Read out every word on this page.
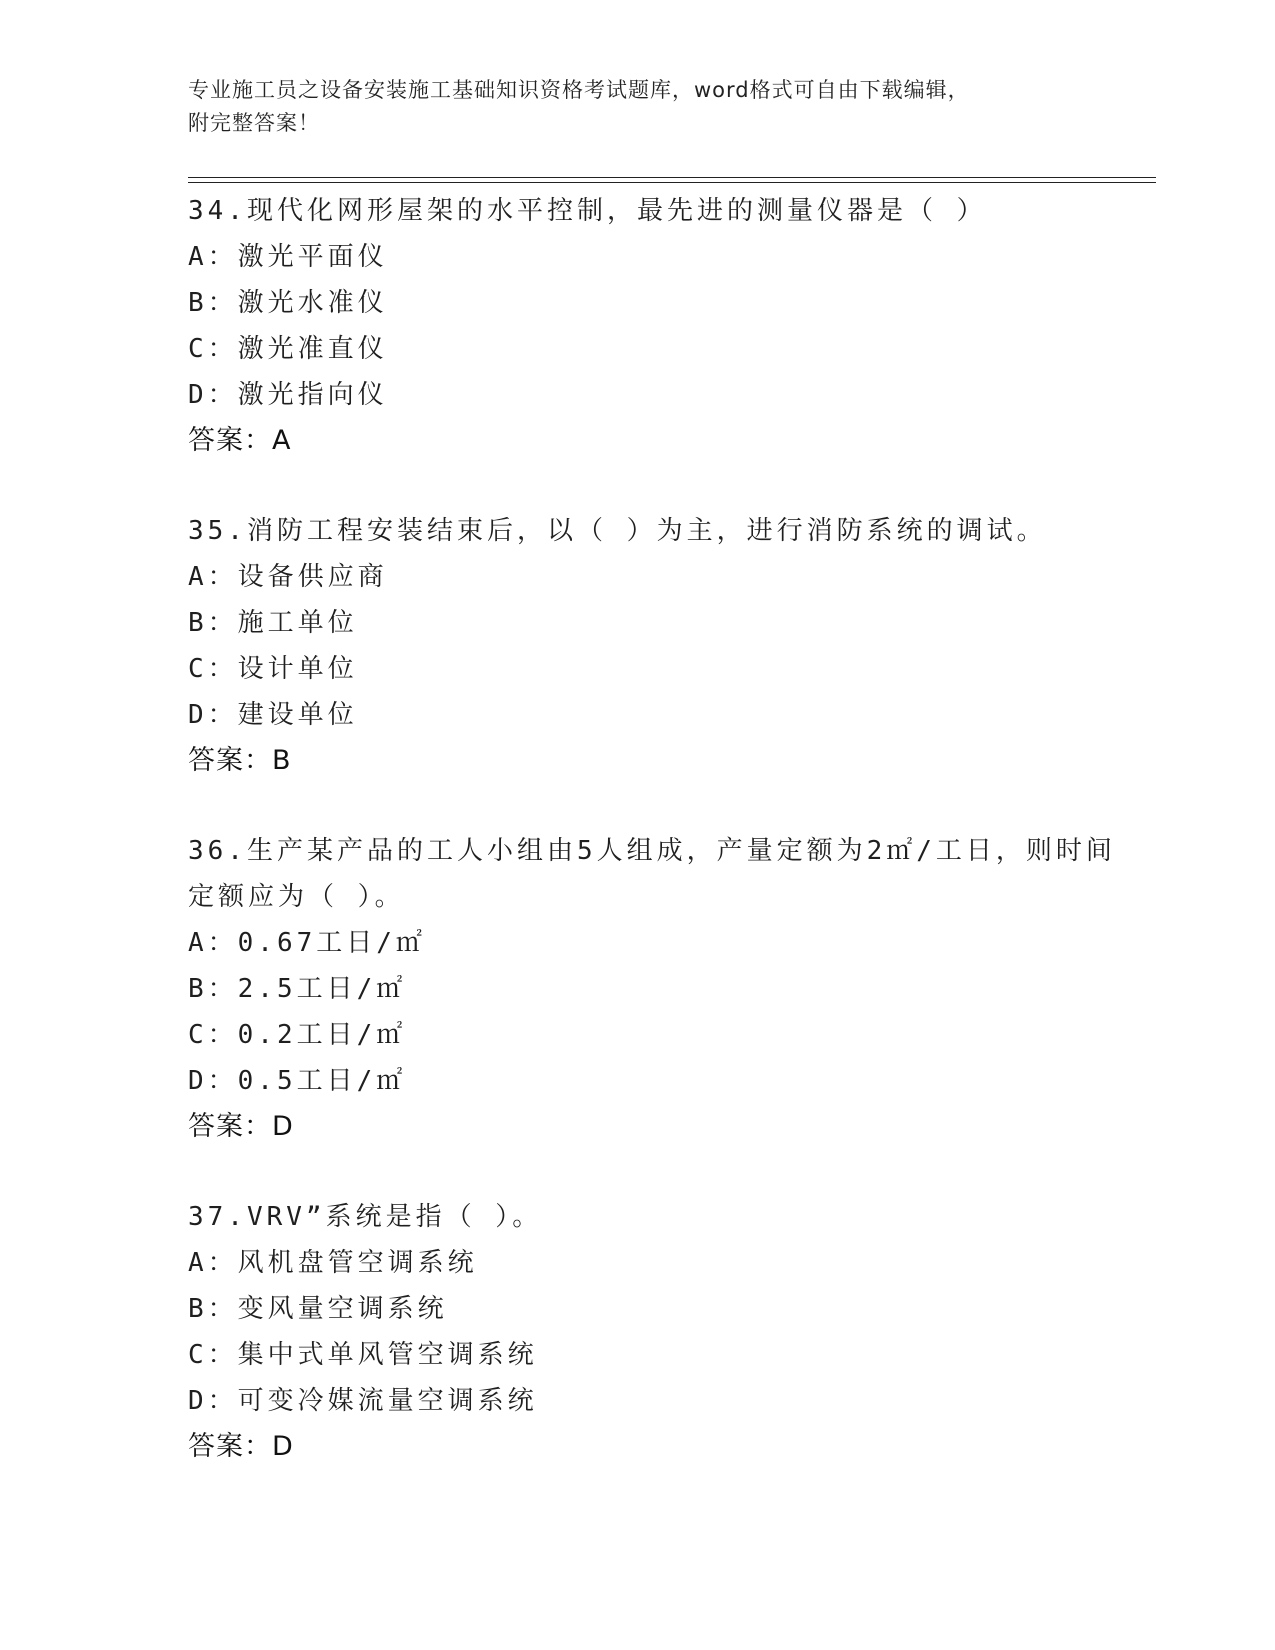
专业施工员之设备安装施工基础知识资格考试题库，word格式可自由下载编辑，
附完整答案！
34.现代化网形屋架的水平控制，最先进的测量仪器是（ ）
A：激光平面仪
B：激光水准仪
C：激光准直仪
D：激光指向仪
答案：A
35.消防工程安装结束后，以（ ）为主，进行消防系统的调试。
A：设备供应商
B：施工单位
C：设计单位
D：建设单位
答案：B
36.生产某产品的工人小组由5人组成，产量定额为2㎡/工日，则时间
定额应为（ ）。
A：0.67工日/㎡
B：2.5工日/㎡
C：0.2工日/㎡
D：0.5工日/㎡
答案：D
37.VRV”系统是指（ ）。
A：风机盘管空调系统
B：变风量空调系统
C：集中式单风管空调系统
D：可变冷媒流量空调系统
答案：D
